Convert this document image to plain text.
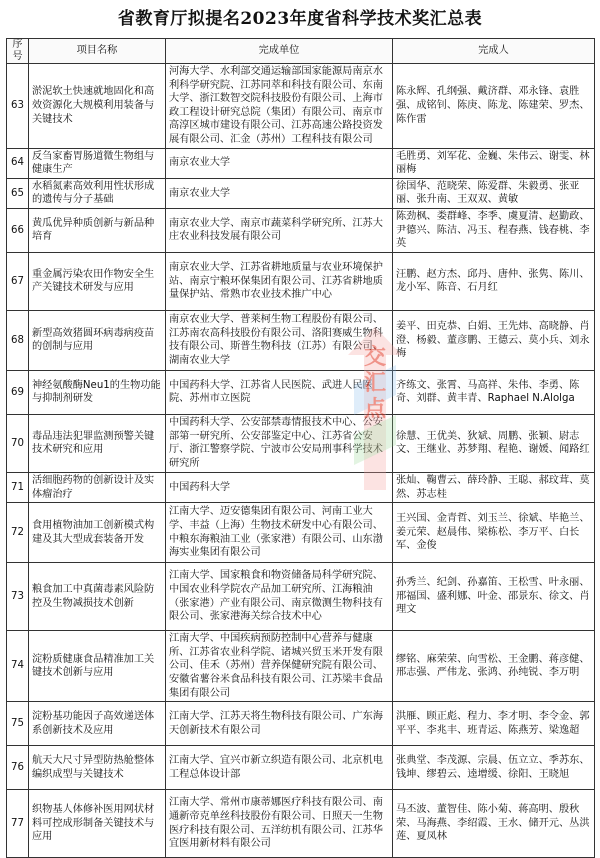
省教育厅拟提名2023年度省科学技术奖汇总表
序号	项目名称	完成单位	完成人
63	淤泥软土快速就地固化和高效资源化大规模利用装备与关键技术	河海大学、水利部交通运输部国家能源局南京水利科学研究院、江苏同萃和科技有限公司、东南大学、浙江数智交院科技股份有限公司、上海市政工程设计研究总院（集团）有限公司、南京市高淳区城市建设有限公司、江苏高速公路投资发展有限公司、汇金（苏州）工程科技有限公司	陈永辉、孔纲强、戴济群、邓永锋、袁胜强、成铭钊、陈庚、陈龙、陈建荣、罗杰、陈作雷
64	反刍家畜胃肠道微生物组与健康生产	南京农业大学	毛胜勇、刘军花、金巍、朱伟云、谢雯、林丽梅
65	水稻氮素高效利用性状形成的遗传与分子基础	南京农业大学	徐国华、范晓荣、陈爱群、朱毅勇、张亚丽、张升南、王双双、黄敏
66	黄瓜优异种质创新与新品种培育	南京农业大学、南京市蔬菜科学研究所、江苏大庄农业科技发展有限公司	陈劲枫、娄群峰、李季、虞夏清、赵勤政、尹德兴、陈洁、冯玉、程春燕、钱春桃、李英
67	重金属污染农田作物安全生产关键技术研发与应用	南京农业大学、江苏省耕地质量与农业环境保护站、南京宁粮环保集团有限公司、江苏省耕地质量保护站、常熟市农业技术推广中心	汪鹏、赵方杰、邱丹、唐仲、张隽、陈川、龙小军、陈音、石月红
68	新型高效猪圆环病毒病疫苗的创制与应用	南京农业大学、普莱柯生物工程股份有限公司、江苏南农高科技股份有限公司、洛阳赛威生物科技有限公司、斯普生物科技（江苏）有限公司、湖南农业大学	姜平、田克恭、白娟、王先炜、高晓静、肖澄、杨毅、董彦鹏、王德云、莫小兵、刘永梅
69	神经氨酸酶Neu1的生物功能与抑制剂研发	中国药科大学、江苏省人民医院、武进人民医院、苏州市立医院	齐练文、张霄、马高祥、朱伟、李勇、陈奇、刘群、黄丰青、Raphael N.Alolga
70	毒品违法犯罪监测预警关键技术研究和应用	中国药科大学、公安部禁毒情报技术中心、公安部第一研究所、公安部鉴定中心、江苏省公安厅、浙江警察学院、宁波市公安局刑事科学技术研究所	徐慧、王优美、狄斌、周鹏、张颖、尉志文、王继业、苏梦翔、程艳、谢媛、闻路红
71	活细胞药物的创新设计及实体瘤治疗	中国药科大学	张灿、鞠曹云、薛玲静、王聪、郝玟茸、莫然、苏志桂
72	食用植物油加工创新模式构建及其大型成套装备开发	江南大学、迈安德集团有限公司、河南工业大学、丰益（上海）生物技术研发中心有限公司、中粮东海粮油工业（张家港）有限公司、山东渤海实业集团有限公司	王兴国、金青哲、刘玉兰、徐斌、毕艳兰、姜元荣、赵晨伟、梁栋松、李万平、白长军、金俊
73	粮食加工中真菌毒素风险防控及生物减损技术创新	江南大学、国家粮食和物资储备局科学研究院、中国农业科学院农产品加工研究所、江海粮油（张家港）产业有限公司、南京微测生物科技有限公司、张家港海关综合技术中心	孙秀兰、纪剑、孙嘉笛、王松雪、叶永丽、邢福国、盛利娜、叶金、邵景东、徐文、肖理文
74	淀粉质健康食品精准加工关键技术创新与应用	江南大学、中国疾病预防控制中心营养与健康所、江苏省农业科学院、诸城兴贸玉米开发有限公司、佳禾（苏州）营养保健研究院有限公司、安徽省薯谷米食品科技有限公司、江苏梁丰食品集团有限公司	缪铭、麻荣荣、向雪松、王金鹏、蒋彦健、邢志强、严伟龙、张鸿、孙纯锐、李万明
75	淀粉基功能因子高效递送体系创新技术及应用	江南大学、江苏天将生物科技有限公司、广东海天创新技术有限公司	洪雁、顾正彪、程力、李才明、李令金、郭平平、李兆丰、班青运、陈燕芳、梁逸超
76	航天大尺寸异型防热舱整体编织成型与关键技术	江南大学、宜兴市新立织造有限公司、北京机电工程总体设计部	张典堂、李茂源、宗晨、伍立立、季苏东、钱坤、缪碧云、逵增缓、徐阳、王晓旭
77	织物基人体修补医用网状材料可控成形制备关键技术与应用	江南大学、常州市康蒂娜医疗科技有限公司、南通新帝克单丝科技股份有限公司、日照天一生物医疗科技有限公司、五洋纺机有限公司、江苏华宜医用新材料有限公司	马丕波、董智佳、陈小菊、蒋高明、殷秋荣、马海燕、李绍霞、王水、储开元、丛洪莲、夏凤林
交汇点
